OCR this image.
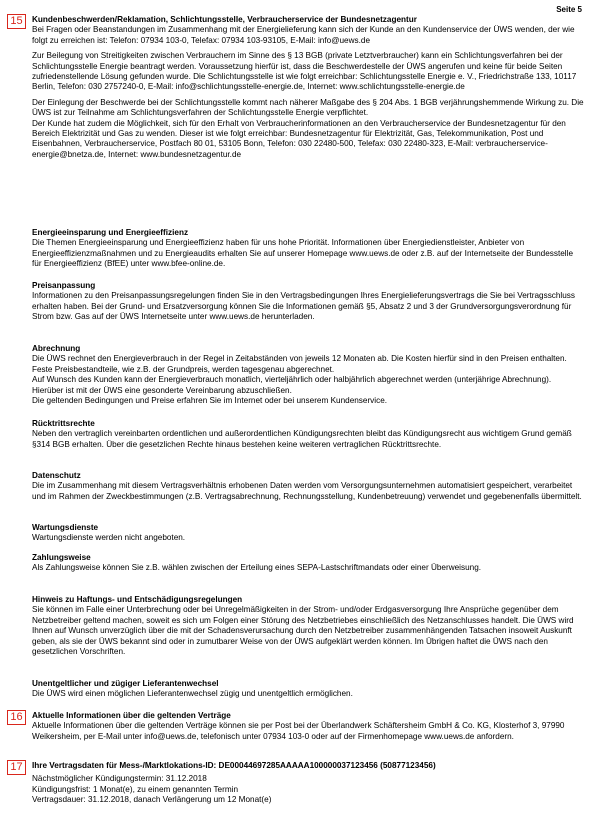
Seite 5
15	Kundenbeschwerden/Reklamation, Schlichtungsstelle, Verbraucherservice der Bundesnetzagentur

Bei Fragen oder Beanstandungen im Zusammenhang mit der Energielieferung kann sich der Kunde an den Kundenservice der ÜWS wenden, der wie folgt zu erreichen ist: Telefon: 07934 103-0, Telefax: 07934 103-93105, E-Mail: info@uews.de

Zur Beilegung von Streitigkeiten zwischen Verbrauchern im Sinne des § 13 BGB (private Letztverbraucher) kann ein Schlichtungsverfahren bei der Schlichtungsstelle Energie beantragt werden. Voraussetzung hierfür ist, dass die Beschwerdestelle der ÜWS angerufen und keine für beide Seiten zufriedenstellende Lösung gefunden wurde. Die Schlichtungsstelle ist wie folgt erreichbar: Schlichtungsstelle Energie e. V., Friedrichstraße 133, 10117 Berlin, Telefon: 030 2757240-0, E-Mail: info@schlichtungsstelle-energie.de, Internet: www.schlichtungsstelle-energie.de

Der Einlegung der Beschwerde bei der Schlichtungsstelle kommt nach näherer Maßgabe des § 204 Abs. 1 BGB verjährungshemmende Wirkung zu. Die ÜWS ist zur Teilnahme am Schlichtungsverfahren der Schlichtungsstelle Energie verpflichtet.

Der Kunde hat zudem die Möglichkeit, sich für den Erhalt von Verbraucherinformationen an den Verbraucherservice der Bundesnetzagentur für den Bereich Elektrizität und Gas zu wenden. Dieser ist wie folgt erreichbar: Bundesnetzagentur für Elektrizität, Gas, Telekommunikation, Post und Eisenbahnen, Verbraucherservice, Postfach 80 01, 53105 Bonn, Telefon: 030 22480-500, Telefax: 030 22480-323, E-Mail: verbraucherservice-energie@bnetza.de, Internet: www.bundesnetzagentur.de

Energieeinsparung und Energieeffizienz

Die Themen Energieeinsparung und Energieeffizienz haben für uns hohe Priorität. Informationen über Energiedienstleister, Anbieter von Energieeffizienzmaßnahmen und zu Energieaudits erhalten Sie auf unserer Homepage www.uews.de oder z.B. auf der Internetseite der Bundesstelle für Energieeffizienz (BfEE) unter www.bfee-online.de.

Preisanpassung

Informationen zu den Preisanpassungsregelungen finden Sie in den Vertragsbedingungen Ihres Energielieferungsvertrags die Sie bei Vertragsschluss erhalten haben. Bei der Grund- und Ersatzversorgung können Sie die Informationen gemäß §5, Absatz 2 und 3 der Grundversorgungsverordnung für Strom bzw. Gas auf der ÜWS Internetseite unter www.uews.de herunterladen.

Abrechnung

Die ÜWS rechnet den Energieverbrauch in der Regel in Zeitabständen von jeweils 12 Monaten ab. Die Kosten hierfür sind in den Preisen enthalten. Feste Preisbestandteile, wie z.B. der Grundpreis, werden tagesgenau abgerechnet.

Auf Wunsch des Kunden kann der Energieverbrauch monatlich, vierteljährlich oder halbjährlich abgerechnet werden (unterjährige Abrechnung). Hierüber ist mit der ÜWS eine gesonderte Vereinbarung abzuschließen.

Die geltenden Bedingungen und Preise erfahren Sie im Internet oder bei unserem Kundenservice.

Rücktrittsrechte

Neben den vertraglich vereinbarten ordentlichen und außerordentlichen Kündigungsrechten bleibt das Kündigungsrecht aus wichtigem Grund gemäß §314 BGB erhalten. Über die gesetzlichen Rechte hinaus bestehen keine weiteren vertraglichen Rücktrittsrechte.

Datenschutz

Die im Zusammenhang mit diesem Vertragsverhältnis erhobenen Daten werden vom Versorgungsunternehmen automatisiert gespeichert, verarbeitet und im Rahmen der Zweckbestimmungen (z.B. Vertragsabrechnung, Rechnungsstellung, Kundenbetreuung) verwendet und gegebenenfalls übermittelt.

Wartungsdienste

Wartungsdienste werden nicht angeboten.

Zahlungsweise

Als Zahlungsweise können Sie z.B. wählen zwischen der Erteilung eines SEPA-Lastschriftmandats oder einer Überweisung.

Hinweis zu Haftungs- und Entschädigungsregelungen

Sie können im Falle einer Unterbrechung oder bei Unregelmäßigkeiten in der Strom- und/oder Erdgasversorgung Ihre Ansprüche gegenüber dem Netzbetreiber geltend machen, soweit es sich um Folgen einer Störung des Netzbetriebes einschließlich des Netzanschlusses handelt. Die ÜWS wird Ihnen auf Wunsch unverzüglich über die mit der Schadensverursachung durch den Netzbetreiber zusammenhängenden Tatsachen insoweit Auskunft geben, als sie der ÜWS bekannt sind oder in zumutbarer Weise von der ÜWS aufgeklärt werden können. Im Übrigen haftet die ÜWS nach den gesetzlichen Vorschriften.

Unentgeltlicher und zügiger Lieferantenwechsel

Die ÜWS wird einen möglichen Lieferantenwechsel zügig und unentgeltlich ermöglichen.

16	Aktuelle Informationen über die geltenden Verträge

Aktuelle Informationen über die geltenden Verträge können sie per Post bei der Überlandwerk Schäftersheim GmbH & Co. KG, Klosterhof 3, 97990 Weikersheim, per E-Mail unter info@uews.de, telefonisch unter 07934 103-0 oder auf der Firmenhomepage www.uews.de anfordern.

17	Ihre Vertragsdaten für Mess-/Marktlokations-ID: DE00044697285AAAAA100000037123456 (50877123456)

Nächstmöglicher Kündigungstermin: 31.12.2018

Kündigungsfrist: 1 Monat(e), zu einem genannten Termin

Vertragsdauer: 31.12.2018, danach Verlängerung um 12 Monat(e)
